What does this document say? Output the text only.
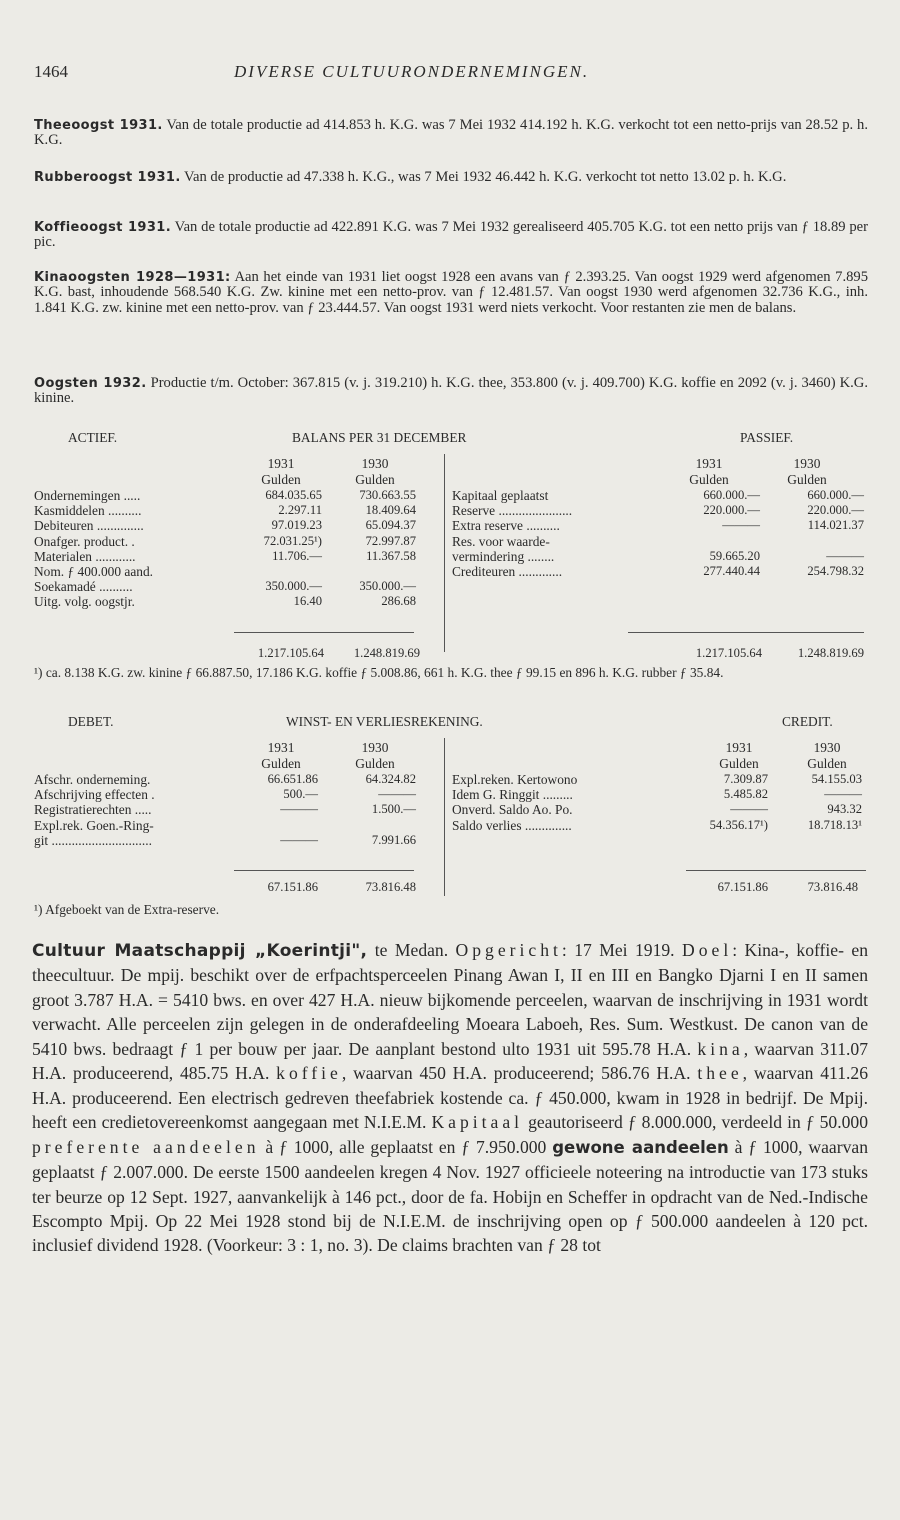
1464	DIVERSE CULTUURONDERNEMINGEN.
Theeoogst 1931. Van de totale productie ad 414.853 h. K.G. was 7 Mei 1932 414.192 h. K.G. verkocht tot een netto-prijs van 28.52 p. h. K.G.
Rubberoogst 1931. Van de productie ad 47.338 h. K.G., was 7 Mei 1932 46.442 h. K.G. verkocht tot netto 13.02 p. h. K.G.
Koffieoogst 1931. Van de totale productie ad 422.891 K.G. was 7 Mei 1932 gerealiseerd 405.705 K.G. tot een netto prijs van ƒ 18.89 per pic.
Kinaoogsten 1928—1931: Aan het einde van 1931 liet oogst 1928 een avans van ƒ 2.393.25. Van oogst 1929 werd afgenomen 7.895 K.G. bast, inhoudende 568.540 K.G. Zw. kinine met een netto-prov. van ƒ 12.481.57. Van oogst 1930 werd afgenomen 32.736 K.G., inh. 1.841 K.G. zw. kinine met een netto-prov. van ƒ 23.444.57. Van oogst 1931 werd niets verkocht. Voor restanten zie men de balans.
Oogsten 1932. Productie t/m. October: 367.815 (v. j. 319.210) h. K.G. thee, 353.800 (v. j. 409.700) K.G. koffie en 2092 (v. j. 3460) K.G. kinine.
ACTIEF.	BALANS PER 31 DECEMBER	PASSIEF.
1931	1930	1931	1930
Gulden	Gulden	Gulden	Gulden
Ondernemingen .....	684.035.65	730.663.55
Kasmiddelen ..........	2.297.11	18.409.64
Debiteuren ..............	97.019.23	65.094.37
Onafger. product. .	72.031.25¹)	72.997.87
Materialen ............	11.706.—	11.367.58
Nom. ƒ 400.000 aand.
Soekamadé ..........	350.000.—	350.000.—
Uitg. volg. oogstjr.	16.40	286.68
Kapitaal geplaatst	660.000.—	660.000.—
Reserve ......................	220.000.—	220.000.—
Extra reserve ..........	———	114.021.37
Res. voor waarde-
vermindering ........	59.665.20	———
Crediteuren .............	277.440.44	254.798.32
1.217.105.64	1.248.819.69	1.217.105.64	1.248.819.69
¹) ca. 8.138 K.G. zw. kinine ƒ 66.887.50, 17.186 K.G. koffie ƒ 5.008.86, 661 h. K.G. thee ƒ 99.15 en 896 h. K.G. rubber ƒ 35.84.
DEBET.	WINST- EN VERLIESREKENING.	CREDIT.
1931	1930	1931	1930
Gulden	Gulden	Gulden	Gulden
Afschr. onderneming.	66.651.86	64.324.82
Afschrijving effecten .	500.—	———
Registratierechten .....	———	1.500.—
Expl.rek. Goen.-Ring-
git ..............................	———	7.991.66
Expl.reken. Kertowono	7.309.87	54.155.03
Idem G. Ringgit .........	5.485.82	———
Onverd. Saldo Ao. Po.	———	943.32
Saldo verlies ..............	54.356.17¹)	18.718.13¹
67.151.86	73.816.48	67.151.86	73.816.48
¹) Afgeboekt van de Extra-reserve.
Cultuur Maatschappij „Koerintji", te Medan. Opgericht: 17 Mei 1919. Doel: Kina-, koffie- en theecultuur. De mpij. beschikt over de erfpachtsperceelen Pinang Awan I, II en III en Bangko Djarni I en II samen groot 3.787 H.A. = 5410 bws. en over 427 H.A. nieuw bijkomende perceelen, waarvan de inschrijving in 1931 wordt verwacht. Alle perceelen zijn gelegen in de onderafdeeling Moeara Laboeh, Res. Sum. Westkust. De canon van de 5410 bws. bedraagt ƒ 1 per bouw per jaar. De aanplant bestond ulto 1931 uit 595.78 H.A. kina, waarvan 311.07 H.A. produceerend, 485.75 H.A. koffie, waarvan 450 H.A. produceerend; 586.76 H.A. thee, waarvan 411.26 H.A. produceerend. Een electrisch gedreven theefabriek kostende ca. ƒ 450.000, kwam in 1928 in bedrijf. De Mpij. heeft een credietovereenkomst aangegaan met N.I.E.M. Kapitaal geautoriseerd ƒ 8.000.000, verdeeld in ƒ 50.000 preferente aandeelen à ƒ 1000, alle geplaatst en ƒ 7.950.000 gewone aandeelen à ƒ 1000, waarvan geplaatst ƒ 2.007.000. De eerste 1500 aandeelen kregen 4 Nov. 1927 officieele noteering na introductie van 173 stuks ter beurze op 12 Sept. 1927, aanvankelijk à 146 pct., door de fa. Hobijn en Scheffer in opdracht van de Ned.-Indische Escompto Mpij. Op 22 Mei 1928 stond bij de N.I.E.M. de inschrijving open op ƒ 500.000 aandeelen à 120 pct. inclusief dividend 1928. (Voorkeur: 3 : 1, no. 3). De claims brachten van ƒ 28 tot
